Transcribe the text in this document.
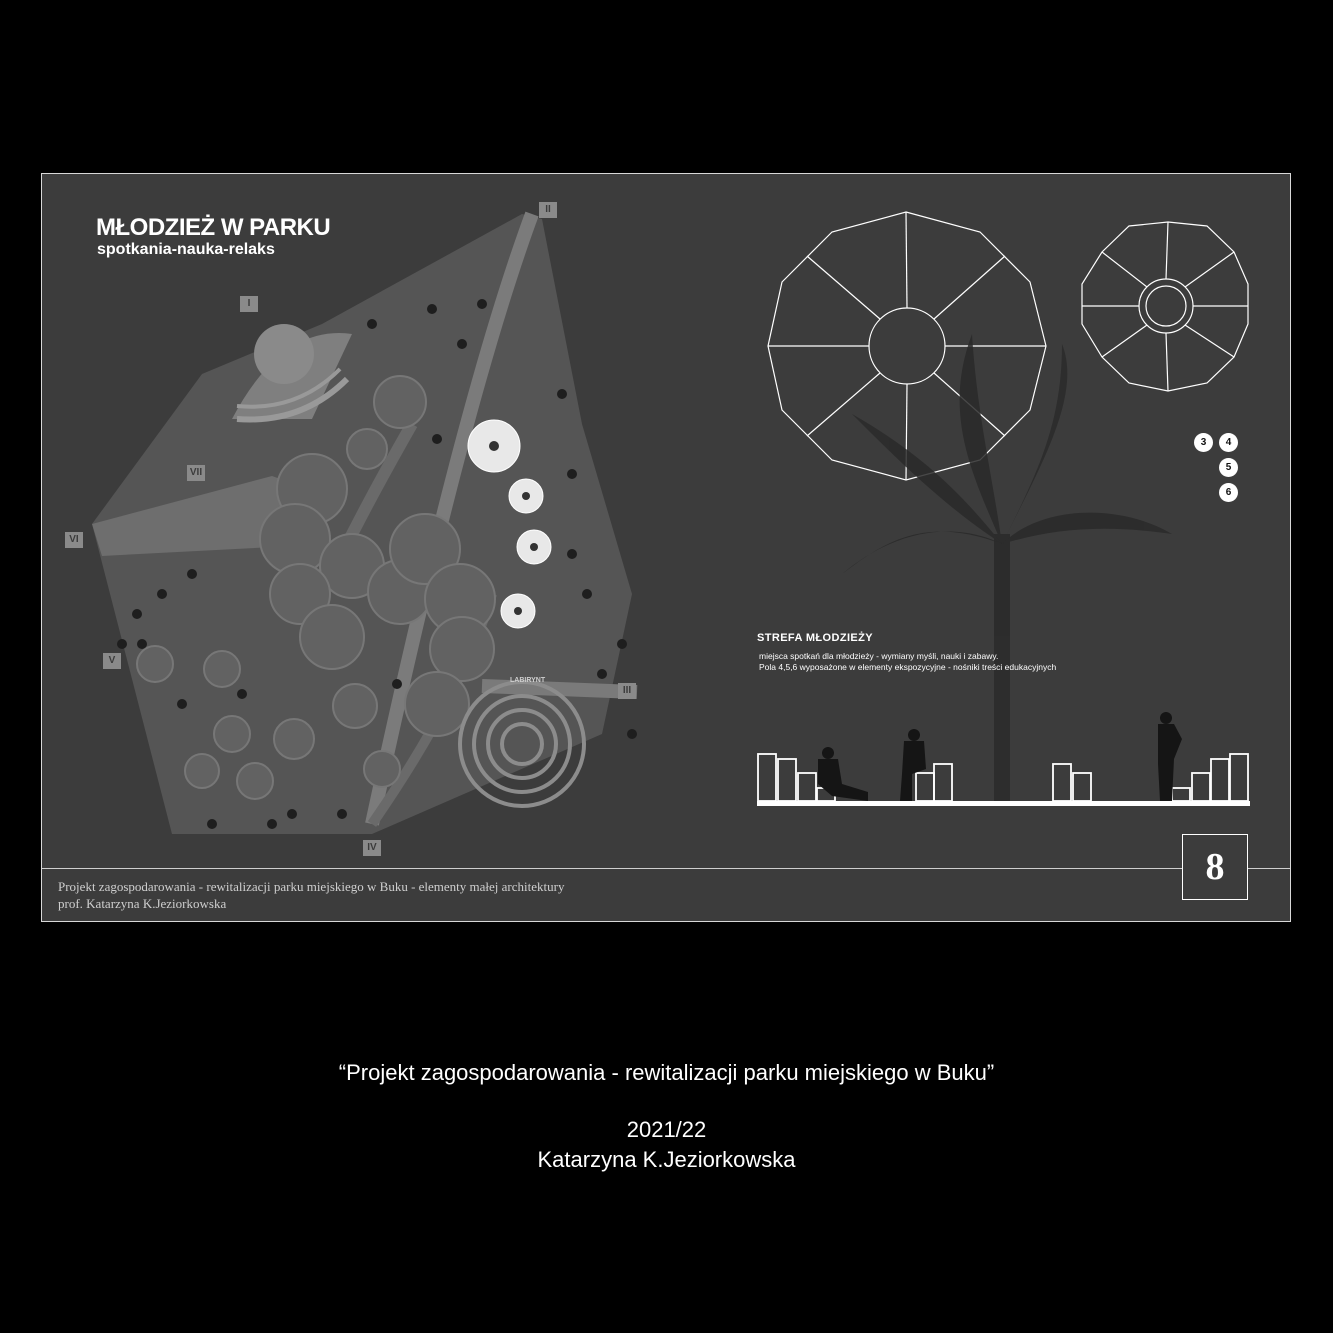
MŁODZIEŻ W PARKU
spotkania-nauka-relaks
I
II
III
IV
V
VI
VII
LABIRYNT
3	4
5
6
STREFA MŁODZIEŻY
miejsca spotkań dla młodzieży - wymiany myśli, nauki i zabawy.
Pola 4,5,6 wyposażone w elementy ekspozycyjne - nośniki treści edukacyjnych
Projekt zagospodarowania - rewitalizacji parku miejskiego w Buku - elementy małej architektury
prof. Katarzyna K.Jeziorkowska
8
“Projekt zagospodarowania - rewitalizacji parku miejskiego w Buku”
2021/22
Katarzyna K.Jeziorkowska
